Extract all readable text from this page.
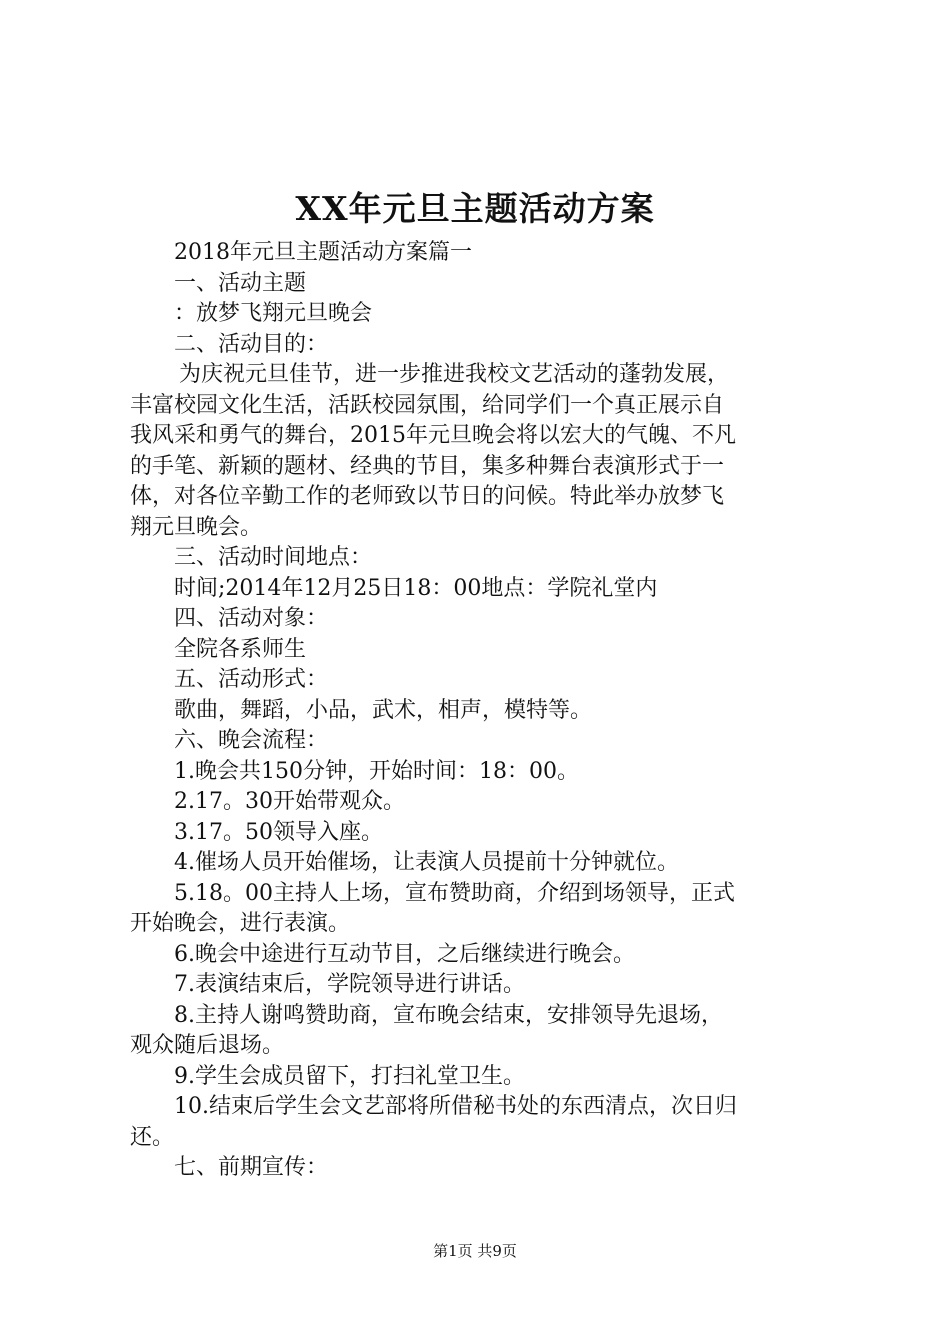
XX年元旦主题活动方案
2018年元旦主题活动方案篇一
一、活动主题
：放梦飞翔元旦晚会
二、活动目的：
为庆祝元旦佳节，进一步推进我校文艺活动的蓬勃发展，
丰富校园文化生活，活跃校园氛围，给同学们一个真正展示自
我风采和勇气的舞台，2015年元旦晚会将以宏大的气魄、不凡
的手笔、新颖的题材、经典的节目，集多种舞台表演形式于一
体，对各位辛勤工作的老师致以节日的问候。特此举办放梦飞
翔元旦晚会。
三、活动时间地点：
时间;2014年12月25日18：00地点：学院礼堂内
四、活动对象：
全院各系师生
五、活动形式：
歌曲，舞蹈，小品，武术，相声，模特等。
六、晚会流程：
1.晚会共150分钟，开始时间：18：00。
2.17。30开始带观众。
3.17。50领导入座。
4.催场人员开始催场，让表演人员提前十分钟就位。
5.18。00主持人上场，宣布赞助商，介绍到场领导，正式
开始晚会，进行表演。
6.晚会中途进行互动节目，之后继续进行晚会。
7.表演结束后，学院领导进行讲话。
8.主持人谢鸣赞助商，宣布晚会结束，安排领导先退场，
观众随后退场。
9.学生会成员留下，打扫礼堂卫生。
10.结束后学生会文艺部将所借秘书处的东西清点，次日归
还。
七、前期宣传：
第1页 共9页
